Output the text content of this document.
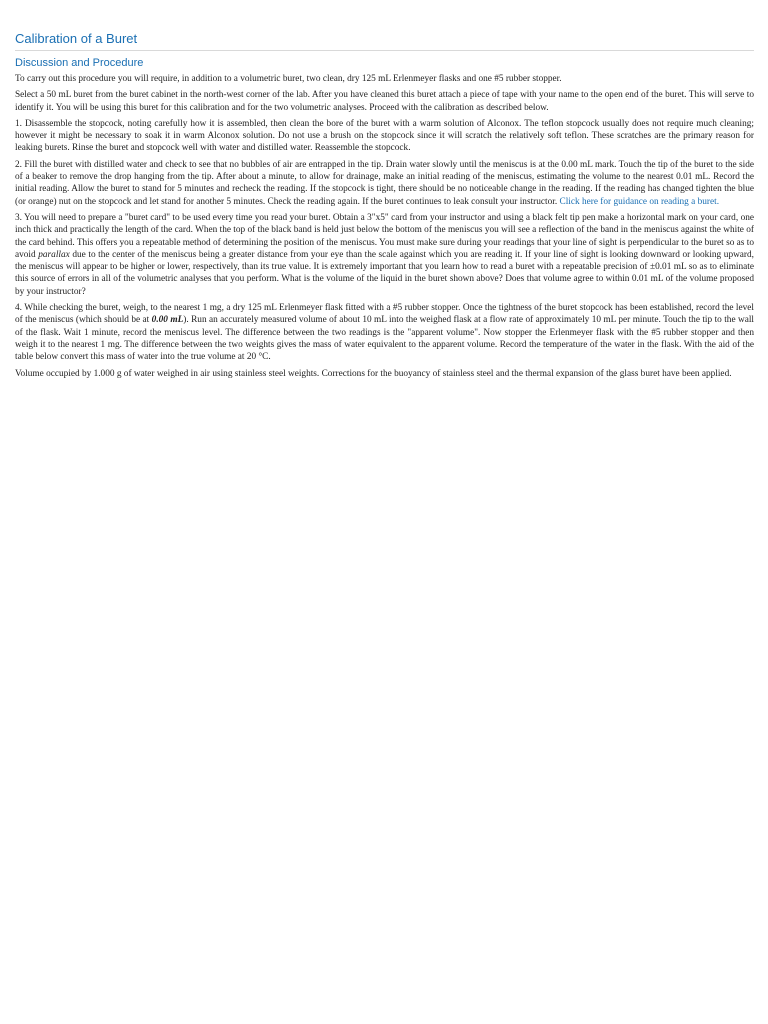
Calibration of a Buret
Discussion and Procedure

To carry out this procedure you will require, in addition to a volumetric buret, two clean, dry 125 mL Erlenmeyer flasks and one #5 rubber stopper.

Select a 50 mL buret from the buret cabinet in the north-west corner of the lab. After you have cleaned this buret attach a piece of tape with your name to the open end of the buret. This will serve to identify it. You will be using this buret for this calibration and for the two volumetric analyses. Proceed with the calibration as described below.

1. Disassemble the stopcock, noting carefully how it is assembled, then clean the bore of the buret with a warm solution of Alconox. The teflon stopcock usually does not require much cleaning; however it might be necessary to soak it in warm Alconox solution. Do not use a brush on the stopcock since it will scratch the relatively soft teflon. These scratches are the primary reason for leaking burets. Rinse the buret and stopcock well with water and distilled water. Reassemble the stopcock.

2. Fill the buret with distilled water and check to see that no bubbles of air are entrapped in the tip. Drain water slowly until the meniscus is at the 0.00 mL mark. Touch the tip of the buret to the side of a beaker to remove the drop hanging from the tip. After about a minute, to allow for drainage, make an initial reading of the meniscus, estimating the volume to the nearest 0.01 mL. Record the initial reading. Allow the buret to stand for 5 minutes and recheck the reading. If the stopcock is tight, there should be no noticeable change in the reading. If the reading has changed tighten the blue (or orange) nut on the stopcock and let stand for another 5 minutes. Check the reading again. If the buret continues to leak consult your instructor. Click here for guidance on reading a buret.

3. You will need to prepare a "buret card" to be used every time you read your buret. Obtain a 3"x5" card from your instructor and using a black felt tip pen make a horizontal mark on your card, one inch thick and practically the length of the card. When the top of the black band is held just below the bottom of the meniscus you will see a reflection of the band in the meniscus against the white of the card behind. This offers you a repeatable method of determining the position of the meniscus. You must make sure during your readings that your line of sight is perpendicular to the buret so as to avoid parallax due to the center of the meniscus being a greater distance from your eye than the scale against which you are reading it. If your line of sight is looking downward or looking upward, the meniscus will appear to be higher or lower, respectively, than its true value. It is extremely important that you learn how to read a buret with a repeatable precision of ±0.01 mL so as to eliminate this source of errors in all of the volumetric analyses that you perform. What is the volume of the liquid in the buret shown above? Does that volume agree to within 0.01 mL of the volume proposed by your instructor?

4. While checking the buret, weigh, to the nearest 1 mg, a dry 125 mL Erlenmeyer flask fitted with a #5 rubber stopper. Once the tightness of the buret stopcock has been established, record the level of the meniscus (which should be at 0.00 mL). Run an accurately measured volume of about 10 mL into the weighed flask at a flow rate of approximately 10 mL per minute. Touch the tip to the wall of the flask. Wait 1 minute, record the meniscus level. The difference between the two readings is the "apparent volume". Now stopper the Erlenmeyer flask with the #5 rubber stopper and then weigh it to the nearest 1 mg. The difference between the two weights gives the mass of water equivalent to the apparent volume. Record the temperature of the water in the flask. With the aid of the table below convert this mass of water into the true volume at 20 °C.

Volume occupied by 1.000 g of water weighed in air using stainless steel weights. Corrections for the buoyancy of stainless steel and the thermal expansion of the glass buret have been applied.
